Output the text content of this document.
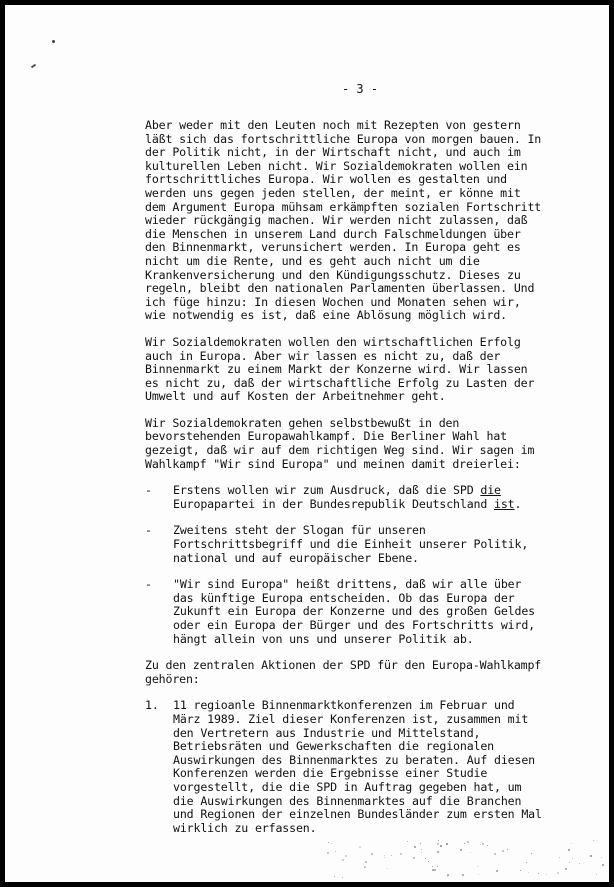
- 3 -
Aber weder mit den Leuten noch mit Rezepten von gestern
läßt sich das fortschrittliche Europa von morgen bauen. In
der Politik nicht, in der Wirtschaft nicht, und auch im
kulturellen Leben nicht. Wir Sozialdemokraten wollen ein
fortschrittliches Europa. Wir wollen es gestalten und
werden uns gegen jeden stellen, der meint, er könne mit
dem Argument Europa mühsam erkämpften sozialen Fortschritt
wieder rückgängig machen. Wir werden nicht zulassen, daß
die Menschen in unserem Land durch Falschmeldungen über
den Binnenmarkt, verunsichert werden. In Europa geht es
nicht um die Rente, und es geht auch nicht um die
Krankenversicherung und den Kündigungsschutz. Dieses zu
regeln, bleibt den nationalen Parlamenten überlassen. Und
ich füge hinzu: In diesen Wochen und Monaten sehen wir,
wie notwendig es ist, daß eine Ablösung möglich wird.
Wir Sozialdemokraten wollen den wirtschaftlichen Erfolg
auch in Europa. Aber wir lassen es nicht zu, daß der
Binnenmarkt zu einem Markt der Konzerne wird. Wir lassen
es nicht zu, daß der wirtschaftliche Erfolg zu Lasten der
Umwelt und auf Kosten der Arbeitnehmer geht.
Wir Sozialdemokraten gehen selbstbewußt in den
bevorstehenden Europawahlkampf. Die Berliner Wahl hat
gezeigt, daß wir auf dem richtigen Weg sind. Wir sagen im
Wahlkampf "Wir sind Europa" und meinen damit dreierlei:
- Erstens wollen wir zum Ausdruck, daß die SPD die
Europapartei in der Bundesrepublik Deutschland ist.
- Zweitens steht der Slogan für unseren
Fortschrittsbegriff und die Einheit unserer Politik,
national und auf europäischer Ebene.
- "Wir sind Europa" heißt drittens, daß wir alle über
das künftige Europa entscheiden. Ob das Europa der
Zukunft ein Europa der Konzerne und des großen Geldes
oder ein Europa der Bürger und des Fortschritts wird,
hängt allein von uns und unserer Politik ab.
Zu den zentralen Aktionen der SPD für den Europa-Wahlkampf
gehören:
1. 11 regioanle Binnenmarktkonferenzen im Februar und
März 1989. Ziel dieser Konferenzen ist, zusammen mit
den Vertretern aus Industrie und Mittelstand,
Betriebsräten und Gewerkschaften die regionalen
Auswirkungen des Binnenmarktes zu beraten. Auf diesen
Konferenzen werden die Ergebnisse einer Studie
vorgestellt, die die SPD in Auftrag gegeben hat, um
die Auswirkungen des Binnenmarktes auf die Branchen
und Regionen der einzelnen Bundesländer zum ersten Mal
wirklich zu erfassen.
